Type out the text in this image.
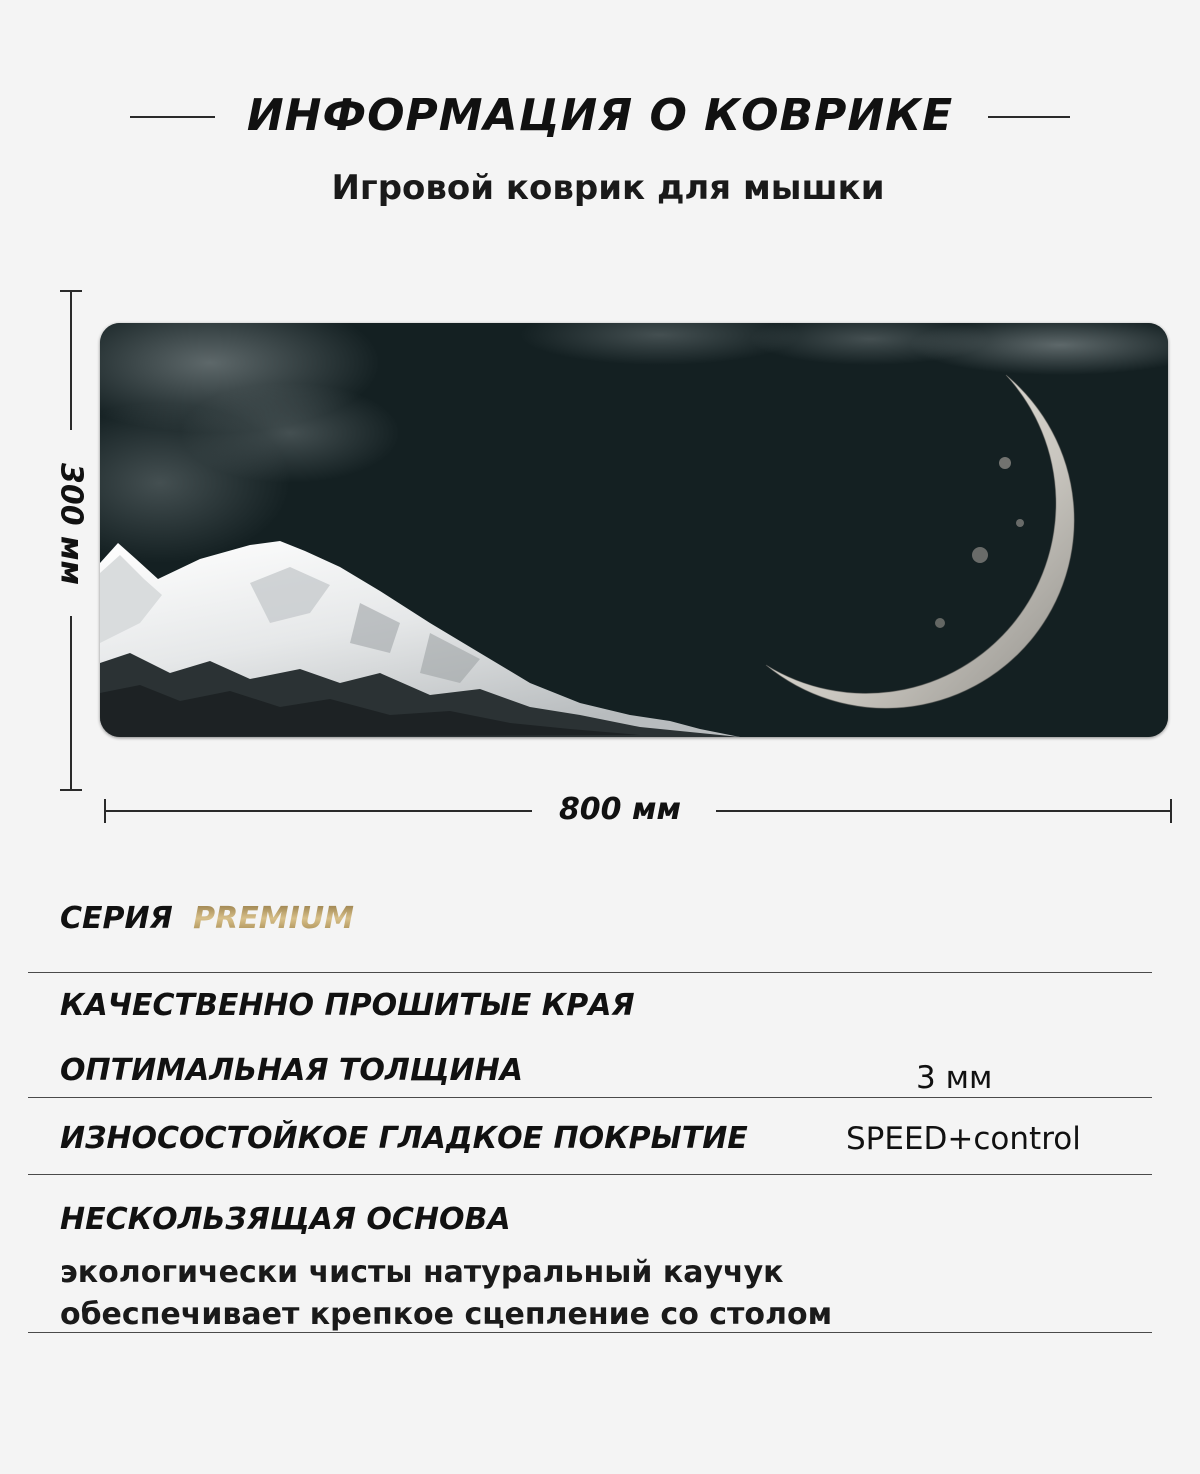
ИНФОРМАЦИЯ О КОВРИКЕ
Игровой коврик для мышки
300 мм
800 мм
СЕРИЯ PREMIUM
КАЧЕСТВЕННО ПРОШИТЫЕ КРАЯ
ОПТИМАЛЬНАЯ ТОЛЩИНА	3 мм
ИЗНОСОСТОЙКОЕ ГЛАДКОЕ ПОКРЫТИЕ	SPEED+control
НЕСКОЛЬЗЯЩАЯ ОСНОВА
экологически чисты натуральный каучук
обеспечивает крепкое сцепление со столом
